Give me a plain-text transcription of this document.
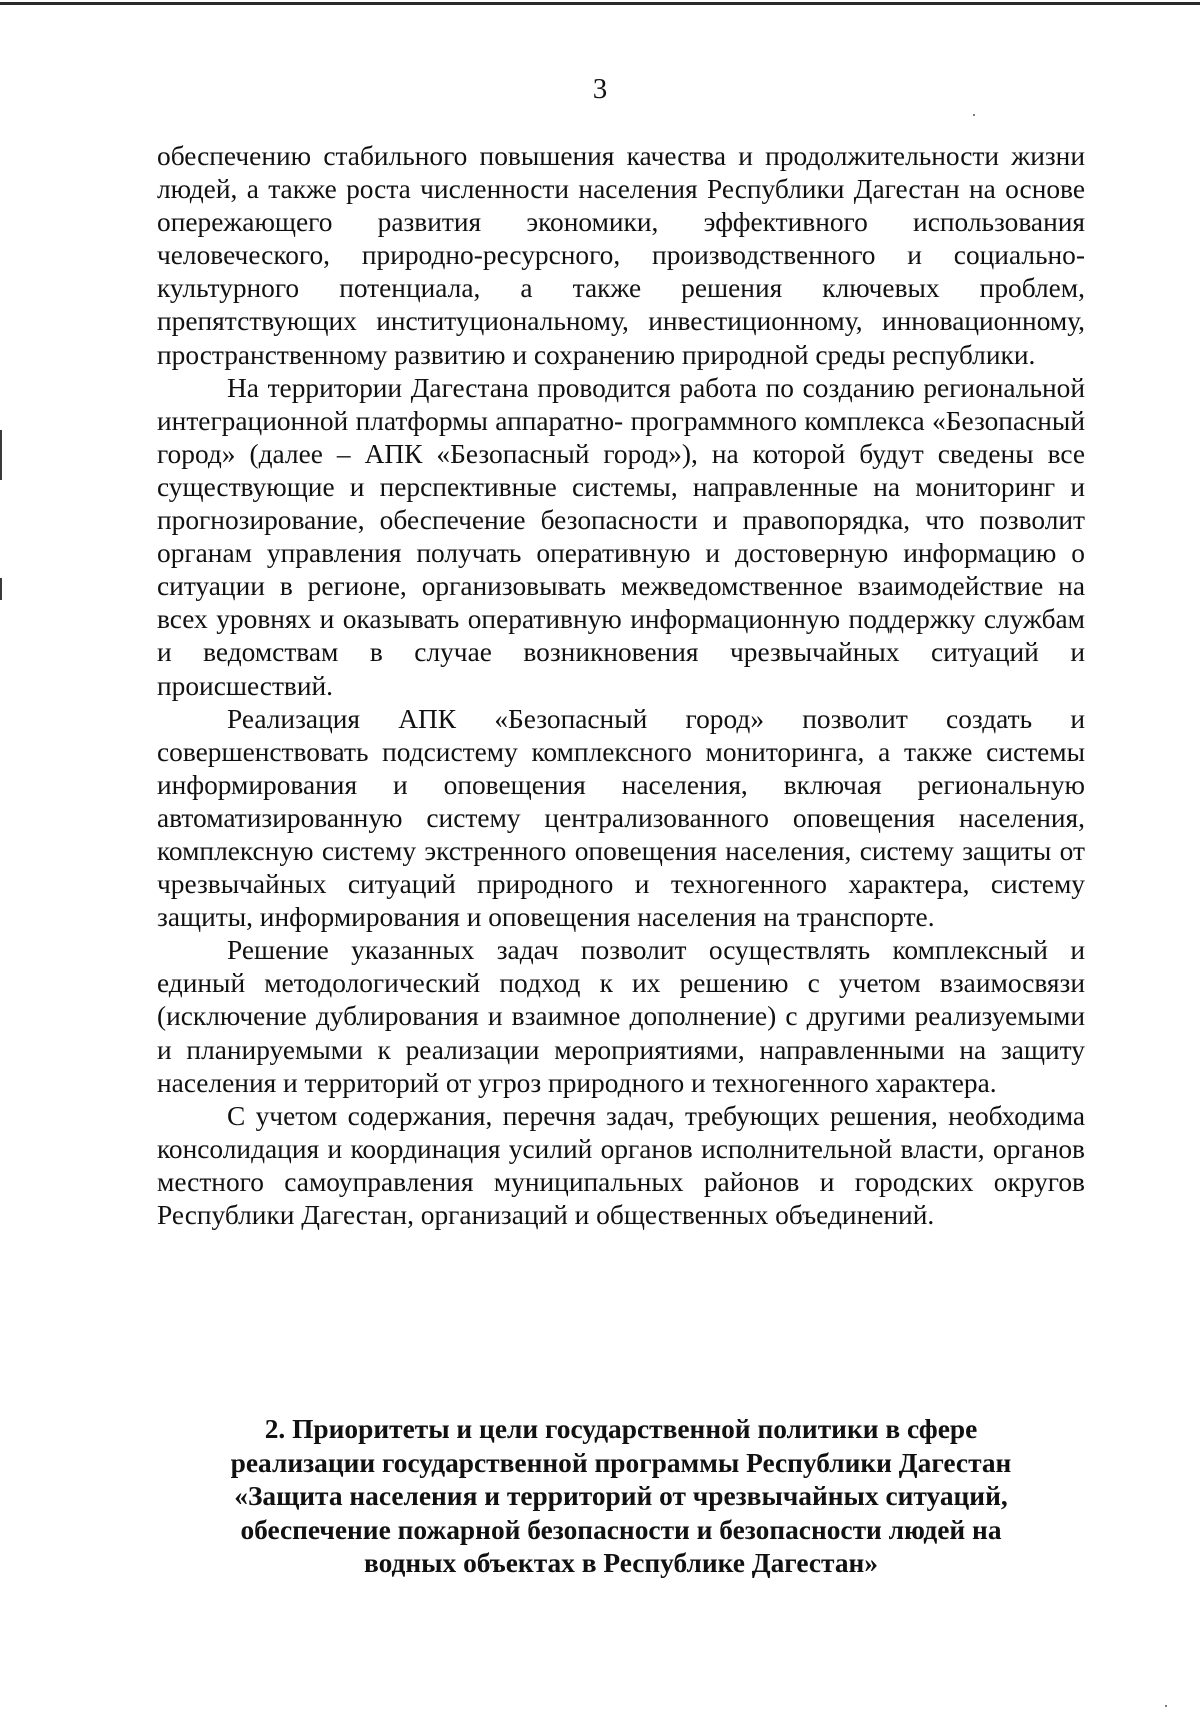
3

обеспечению стабильного повышения качества и продолжительности жизни людей, а также роста численности населения Республики Дагестан на основе опережающего развития экономики, эффективного использования человеческого, природно-ресурсного, производственного и социально-культурного потенциала, а также решения ключевых проблем, препятствующих институциональному, инвестиционному, инновационному, пространственному развитию и сохранению природной среды республики.

На территории Дагестана проводится работа по созданию региональной интеграционной платформы аппаратно- программного комплекса «Безопасный город» (далее – АПК «Безопасный город»), на которой будут сведены все существующие и перспективные системы, направленные на мониторинг и прогнозирование, обеспечение безопасности и правопорядка, что позволит органам управления получать оперативную и достоверную информацию о ситуации в регионе, организовывать межведомственное взаимодействие на всех уровнях и оказывать оперативную информационную поддержку службам и ведомствам в случае возникновения чрезвычайных ситуаций и происшествий.

Реализация АПК «Безопасный город» позволит создать и совершенствовать подсистему комплексного мониторинга, а также системы информирования и оповещения населения, включая региональную автоматизированную систему централизованного оповещения населения, комплексную систему экстренного оповещения населения, систему защиты от чрезвычайных ситуаций природного и техногенного характера, систему защиты, информирования и оповещения населения на транспорте.

Решение указанных задач позволит осуществлять комплексный и единый методологический подход к их решению с учетом взаимосвязи (исключение дублирования и взаимное дополнение) с другими реализуемыми и планируемыми к реализации мероприятиями, направленными на защиту населения и территорий от угроз природного и техногенного характера.

С учетом содержания, перечня задач, требующих решения, необходима консолидация и координация усилий органов исполнительной власти, органов местного самоуправления муниципальных районов и городских округов Республики Дагестан, организаций и общественных объединений.

2. Приоритеты и цели государственной политики в сфере

реализации государственной программы Республики Дагестан

«Защита населения и территорий от чрезвычайных ситуаций,

обеспечение пожарной безопасности и безопасности людей на

водных объектах в Республике Дагестан»
